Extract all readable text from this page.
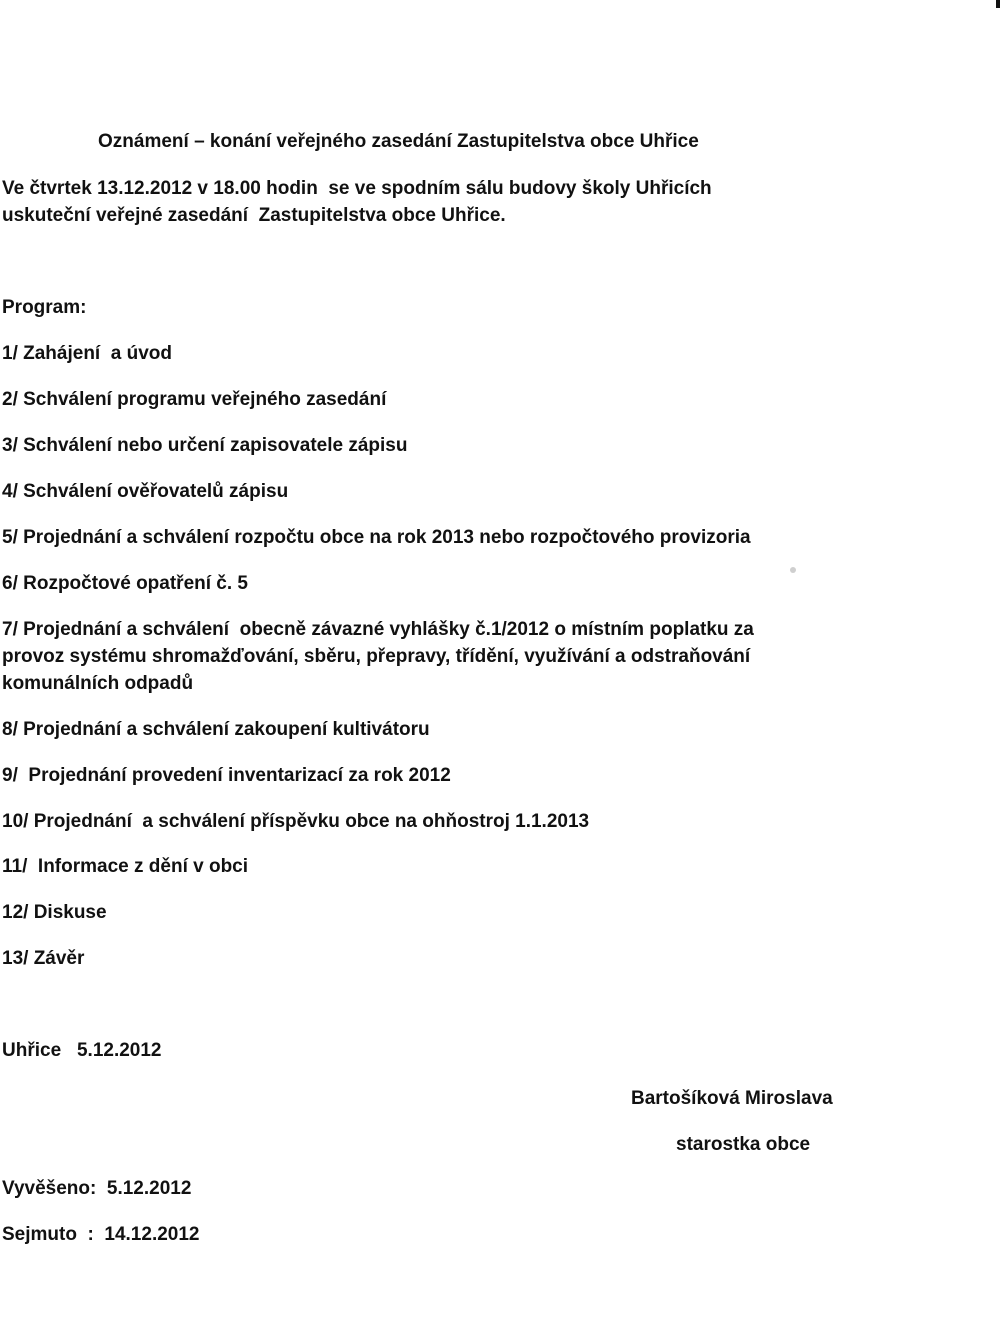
Oznámení – konání veřejného zasedání Zastupitelstva obce Uhřice
Ve čtvrtek 13.12.2012 v 18.00 hodin  se ve spodním sálu budovy školy Uhřicích
uskuteční veřejné zasedání  Zastupitelstva obce Uhřice.
Program:
1/ Zahájení  a úvod
2/ Schválení programu veřejného zasedání
3/ Schválení nebo určení zapisovatele zápisu
4/ Schválení ověřovatelů zápisu
5/ Projednání a schválení rozpočtu obce na rok 2013 nebo rozpočtového provizoria
6/ Rozpočtové opatření č. 5
7/ Projednání a schválení  obecně závazné vyhlášky č.1/2012 o místním poplatku za
provoz systému shromažďování, sběru, přepravy, třídění, využívání a odstraňování
komunálních odpadů
8/ Projednání a schválení zakoupení kultivátoru
9/  Projednání provedení inventarizací za rok 2012
10/ Projednání  a schválení příspěvku obce na ohňostroj 1.1.2013
11/  Informace z dění v obci
12/ Diskuse
13/ Závěr
Uhřice   5.12.2012
Bartošíková Miroslava
starostka obce
Vyvěšeno:  5.12.2012
Sejmuto  :  14.12.2012
